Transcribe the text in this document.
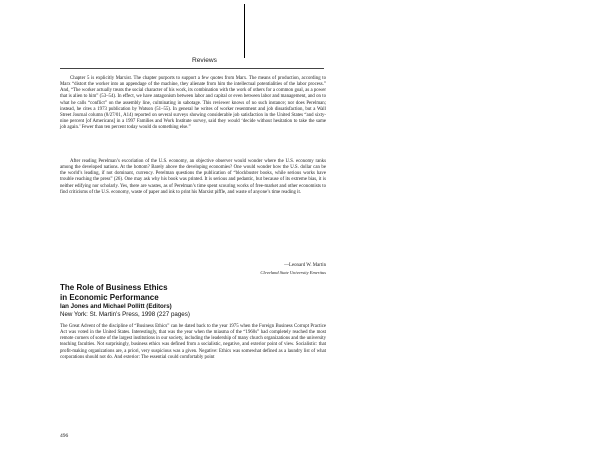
Reviews

Chapter 5 is explicitly Marxist. The chapter purports to support a few quotes from Marx. The means of production, according to Marx “distort the worker into an appendage of the machine, they alienate from him the intellectual potentialities of the labor process.” And, “The worker actually treats the social character of his work, its combination with the work of others for a common goal, as a power that is alien to him” (53–54). In effect, we have antagonism between labor and capital or even between labor and management, and on to what he calls “conflict” on the assembly line, culminating in sabotage. This reviewer knows of no such instance; nor does Perelman; instead, he cites a 1973 publication by Watson (51–55). In general he writes of worker resentment and job dissatisfaction, but a Wall Street Journal column (8/27/01, A14) reported on several surveys showing considerable job satisfaction in the United States “and sixty-nine percent [of Americans] in a 1997 Families and Work Institute survey, said they would ‘decide without hesitation to take the same job again.’ Fewer than ten percent today would do something else.”

After reading Perelman’s excoriation of the U.S. economy, an objective observer would wonder where the U.S. economy ranks among the developed nations. At the bottom? Barely above the developing economies? One would wonder how the U.S. dollar can be the world’s leading, if not dominant, currency. Perelman questions the publication of “blockbuster books, while serious works have trouble reaching the press” (26). One may ask why his book was printed. It is serious and pedantic, but because of its extreme bias, it is neither edifying nor scholarly. Yes, there are wastes, as of Perelman’s time spent scouring works of free-market and other economists to find criticisms of the U.S. economy, waste of paper and ink to print his Marxist piffle, and waste of anyone’s time reading it.

—Leonard W. Martin
Cleveland State University Emeritus
The Role of Business Ethics
in Economic Performance
Ian Jones and Michael Pollitt (Editors)
New York: St. Martin’s Press, 1998 (227 pages)

The Great Advent of the discipline of “Business Ethics” can be dated back to the year 1975 when the Foreign Business Corrupt Practice Act was voted in the United States. Interestingly, that was the year when the miasma of the “1960s” had completely reached the most remote corners of some of the largest institutions in our society, including the leadership of many church organizations and the university teaching faculties. Not surprisingly, business ethics was defined from a socialistic, negative, and exterior point of view. Socialistic: that profit-making organizations are, a priori, very suspicious was a given. Negative: Ethics was somewhat defined as a laundry list of what corporations should not do. And exterior: The essential could comfortably point

496
